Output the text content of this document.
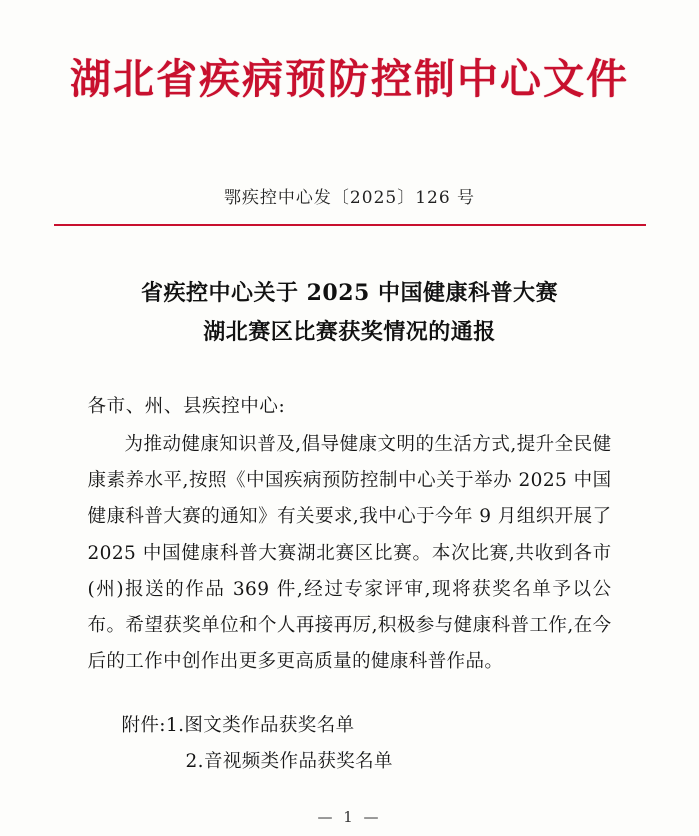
湖北省疾病预防控制中心文件
鄂疾控中心发〔2025〕126 号
省疾控中心关于 2025 中国健康科普大赛
湖北赛区比赛获奖情况的通报
各市、州、县疾控中心:
为推动健康知识普及,倡导健康文明的生活方式,提升全民健康素养水平,按照《中国疾病预防控制中心关于举办 2025 中国健康科普大赛的通知》有关要求,我中心于今年 9 月组织开展了 2025 中国健康科普大赛湖北赛区比赛。本次比赛,共收到各市(州)报送的作品 369 件,经过专家评审,现将获奖名单予以公布。希望获奖单位和个人再接再厉,积极参与健康科普工作,在今后的工作中创作出更多更高质量的健康科普作品。
附件:1.图文类作品获奖名单
2.音视频类作品获奖名单
— 1 —
